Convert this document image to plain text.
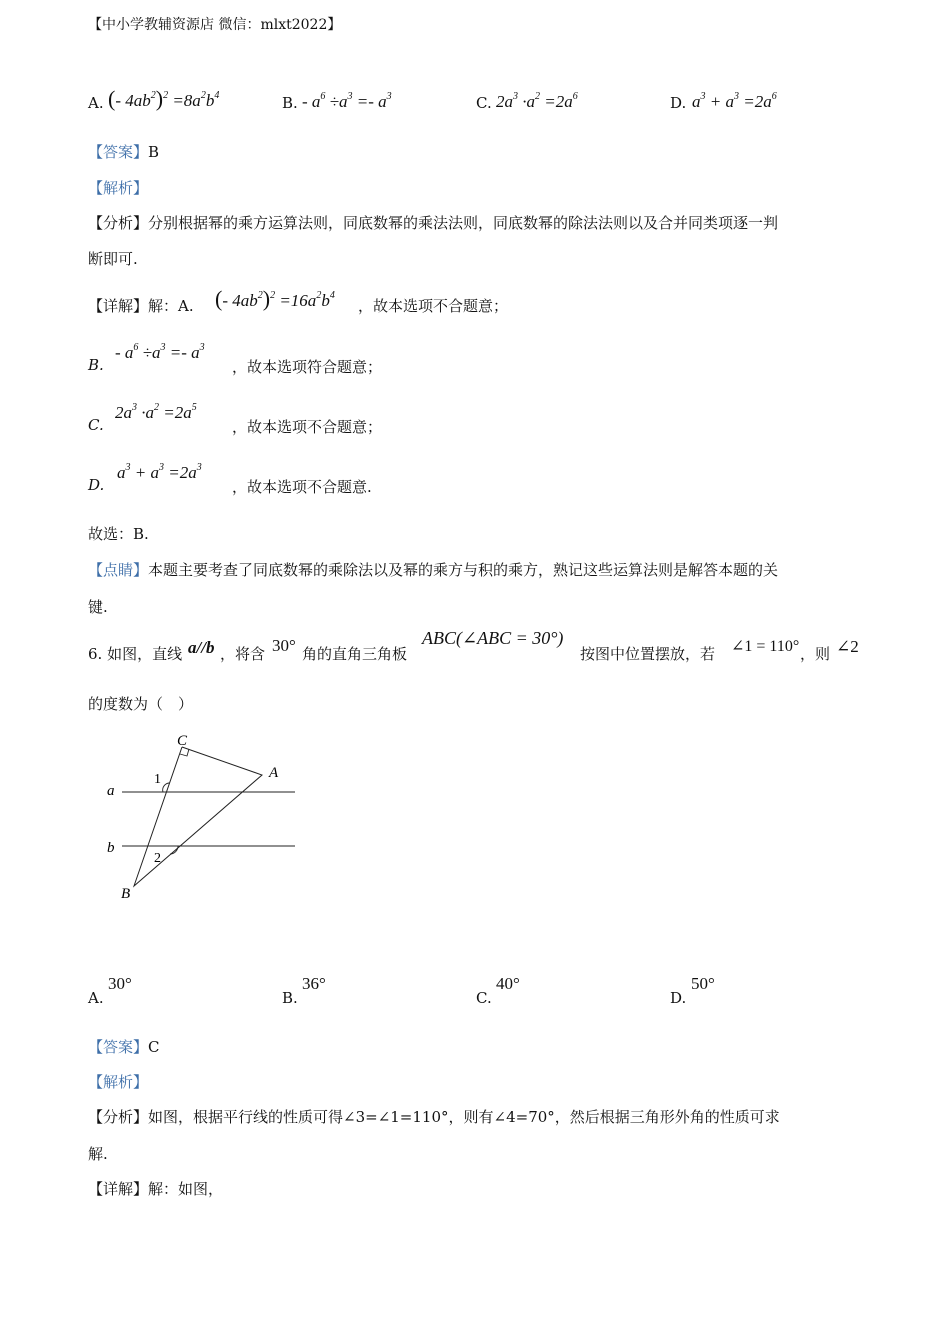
【中小学教辅资源店 微信：mlxt2022】
A. (- $4ab^2)^2 =8a^2b^4$	B. - $a^6 \div a^3 =- a^3$	C. $2a^3 \cdot a^2 =2a^6$	D. $a^3 + a^3 =2a^6$
【答案】B
【解析】
【分析】分别根据幂的乘方运算法则，同底数幂的乘法法则，同底数幂的除法法则以及合并同类项逐一判
断即可.
【详解】解：A. (- $4ab^2)^2 =16a^2b^4$
，故本选项不合题意；
B.
- $a^6 \div a^3 =- a^3$
，故本选项符合题意；
C.
$2a^3 \cdot a^2 =2a^5$
，故本选项不合题意；
D.
$a^3 + a^3 =2a^3$
，故本选项不合题意.
故选：B.
【点睛】本题主要考查了同底数幂的乘除法以及幂的乘方与积的乘方，熟记这些运算法则是解答本题的关
键.
6. 如图，直线 a//b ，将含 30° 角的直角三角板
ABC(∠ABC = 30°)
按图中位置摆放，若 ∠1 = 110° ，则 ∠2
的度数为（　）
C
A
B
a
b
1
2
A.
30°
B.
36°
C.
40°
D.
50°
【答案】C
【解析】
【分析】如图，根据平行线的性质可得∠3=∠1=110°，则有∠4=70°，然后根据三角形外角的性质可求
解.
【详解】解：如图，
